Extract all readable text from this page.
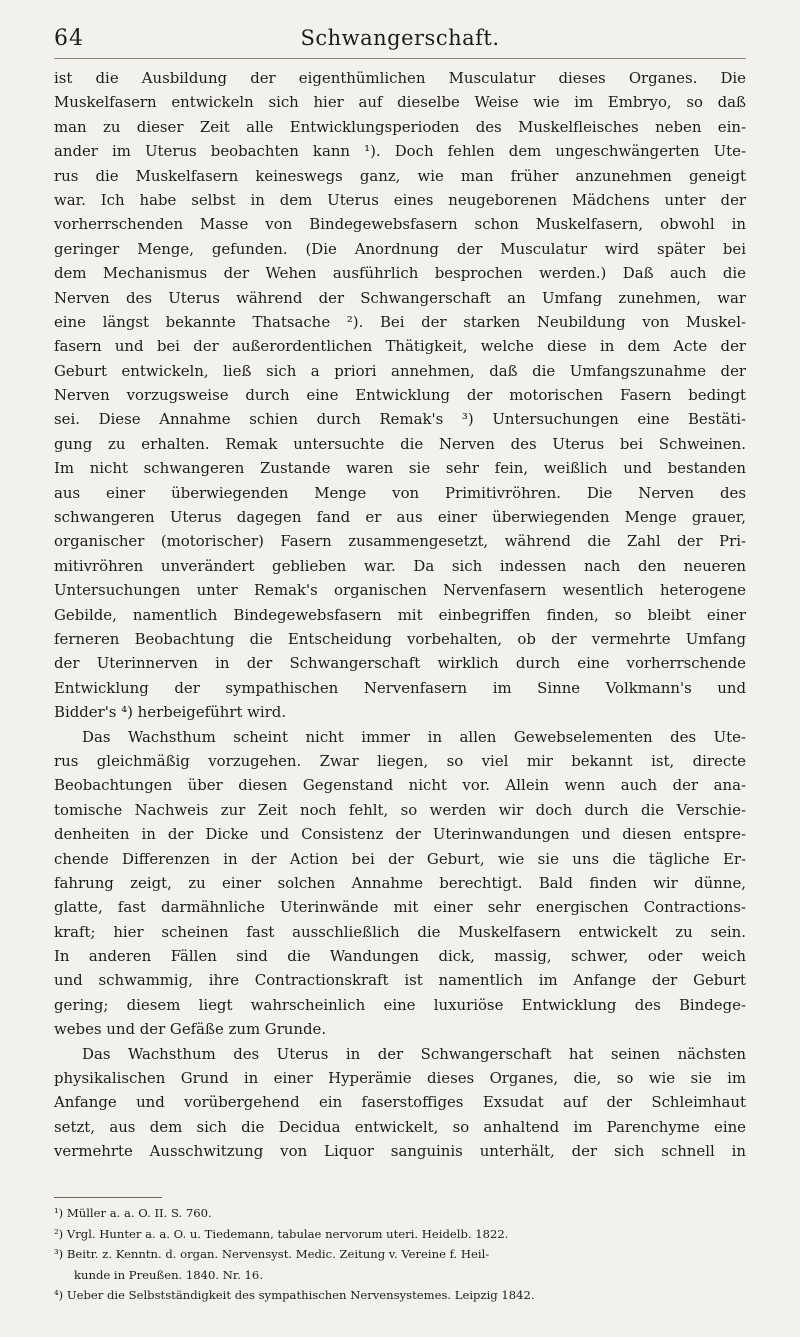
64	Schwangerschaft.
ist die Ausbildung der eigenthümlichen Musculatur dieses Organes. Die
Muskelfasern entwickeln sich hier auf dieselbe Weise wie im Embryo, so daß
man zu dieser Zeit alle Entwicklungsperioden des Muskelfleisches neben ein-
ander im Uterus beobachten kann ¹). Doch fehlen dem ungeschwängerten Ute-
rus die Muskelfasern keineswegs ganz, wie man früher anzunehmen geneigt
war. Ich habe selbst in dem Uterus eines neugeborenen Mädchens unter der
vorherrschenden Masse von Bindegewebsfasern schon Muskelfasern, obwohl in
geringer Menge, gefunden. (Die Anordnung der Musculatur wird später bei
dem Mechanismus der Wehen ausführlich besprochen werden.) Daß auch die
Nerven des Uterus während der Schwangerschaft an Umfang zunehmen, war
eine längst bekannte Thatsache ²). Bei der starken Neubildung von Muskel-
fasern und bei der außerordentlichen Thätigkeit, welche diese in dem Acte der
Geburt entwickeln, ließ sich a priori annehmen, daß die Umfangszunahme der
Nerven vorzugsweise durch eine Entwicklung der motorischen Fasern bedingt
sei. Diese Annahme schien durch Remak's ³) Untersuchungen eine Bestäti-
gung zu erhalten. Remak untersuchte die Nerven des Uterus bei Schweinen.
Im nicht schwangeren Zustande waren sie sehr fein, weißlich und bestanden
aus einer überwiegenden Menge von Primitivröhren. Die Nerven des
schwangeren Uterus dagegen fand er aus einer überwiegenden Menge grauer,
organischer (motorischer) Fasern zusammengesetzt, während die Zahl der Pri-
mitivröhren unverändert geblieben war. Da sich indessen nach den neueren
Untersuchungen unter Remak's organischen Nervenfasern wesentlich heterogene
Gebilde, namentlich Bindegewebsfasern mit einbegriffen finden, so bleibt einer
ferneren Beobachtung die Entscheidung vorbehalten, ob der vermehrte Umfang
der Uterinnerven in der Schwangerschaft wirklich durch eine vorherrschende
Entwicklung der sympathischen Nervenfasern im Sinne Volkmann's und
Bidder's ⁴) herbeigeführt wird.
Das Wachsthum scheint nicht immer in allen Gewebselementen des Ute-
rus gleichmäßig vorzugehen. Zwar liegen, so viel mir bekannt ist, directe
Beobachtungen über diesen Gegenstand nicht vor. Allein wenn auch der ana-
tomische Nachweis zur Zeit noch fehlt, so werden wir doch durch die Verschie-
denheiten in der Dicke und Consistenz der Uterinwandungen und diesen entspre-
chende Differenzen in der Action bei der Geburt, wie sie uns die tägliche Er-
fahrung zeigt, zu einer solchen Annahme berechtigt. Bald finden wir dünne,
glatte, fast darmähnliche Uterinwände mit einer sehr energischen Contractions-
kraft; hier scheinen fast ausschließlich die Muskelfasern entwickelt zu sein.
In anderen Fällen sind die Wandungen dick, massig, schwer, oder weich
und schwammig, ihre Contractionskraft ist namentlich im Anfange der Geburt
gering; diesem liegt wahrscheinlich eine luxuriöse Entwicklung des Bindege-
webes und der Gefäße zum Grunde.
Das Wachsthum des Uterus in der Schwangerschaft hat seinen nächsten
physikalischen Grund in einer Hyperämie dieses Organes, die, so wie sie im
Anfange und vorübergehend ein faserstoffiges Exsudat auf der Schleimhaut
setzt, aus dem sich die Decidua entwickelt, so anhaltend im Parenchyme eine
vermehrte Ausschwitzung von Liquor sanguinis unterhält, der sich schnell in
¹) Müller a. a. O. II. S. 760.
²) Vrgl. Hunter a. a. O. u. Tiedemann, tabulae nervorum uteri. Heidelb. 1822.
³) Beitr. z. Kenntn. d. organ. Nervensyst. Medic. Zeitung v. Vereine f. Heil-
kunde in Preußen. 1840. Nr. 16.
⁴) Ueber die Selbstständigkeit des sympathischen Nervensystemes. Leipzig 1842.
